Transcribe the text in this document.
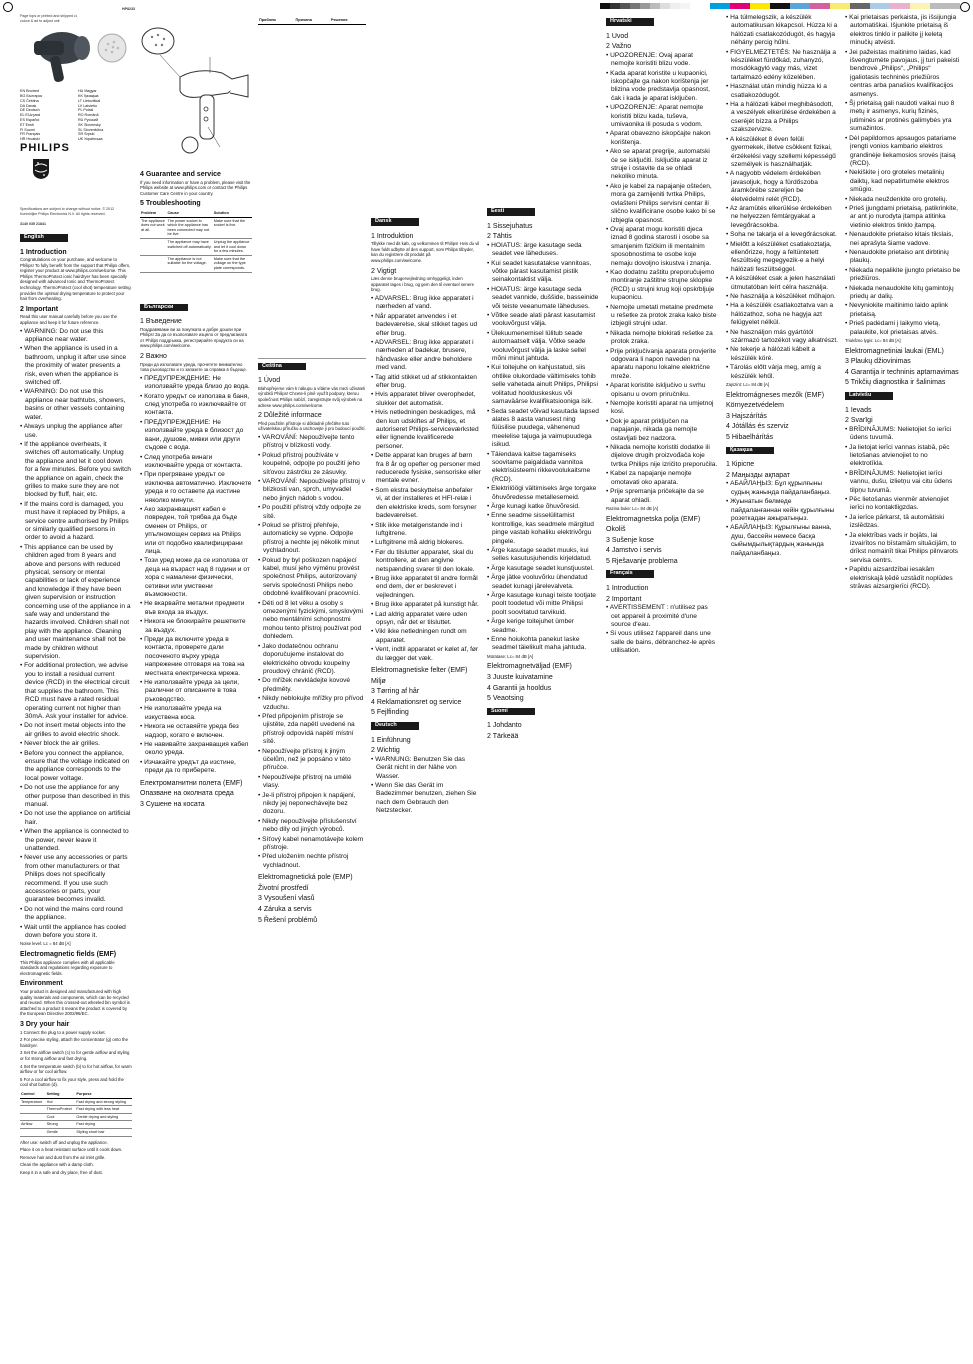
Page tops or printed and shipped ci.
colour & ad to adjust unit
EN Bnotred
BG Българск
CS Čeština
DA Dansk
DE Deutsch
EL Ελληνικά
ES Español
ET Eesti
FI Suomi
FR Français
HR Hrvatski
HU Magyar
KK Қазақша
LT Lietuviškai
LV Latviešu
PL Polski
RO Română
RU Русский
SK Slovensky
SL Slovenščina
SR Srpski
UK Українська
PHILIPS
Specifications are subject to change without notice. © 2012 Koninklijke Philips Electronics N.V. All rights reserved.
3140 035 21841
English
1 Introduction
Congratulations on your purchase, and welcome to Philips! To fully benefit from the support that Philips offers, register your product at www.philips.com/welcome. This Philips ThermoProtect ionic hairdryer has been specially designed with advanced Ionic and ThermoProtect technology. ThermoProtect (cool shot) temperature setting provides the optimal drying temperature to protect your hair from overheating.
2 Important
Read this user manual carefully before you use the appliance and keep it for future reference.
• WARNING: Do not use this appliance near water.
• When the appliance is used in a bathroom, unplug it after use since the proximity of water presents a risk, even when the appliance is switched off.
• WARNING: Do not use this appliance near bathtubs, showers, basins or other vessels containing water.
• Always unplug the appliance after use.
• If the appliance overheats, it switches off automatically. Unplug the appliance and let it cool down for a few minutes. Before you switch the appliance on again, check the grilles to make sure they are not blocked by fluff, hair, etc.
• If the mains cord is damaged, you must have it replaced by Philips, a service centre authorised by Philips or similarly qualified persons in order to avoid a hazard.
• This appliance can be used by children aged from 8 years and above and persons with reduced physical, sensory or mental capabilities or lack of experience and knowledge if they have been given supervision or instruction concerning use of the appliance in a safe way and understand the hazards involved. Children shall not play with the appliance. Cleaning and user maintenance shall not be made by children without supervision.
• For additional protection, we advise you to install a residual current device (RCD) in the electrical circuit that supplies the bathroom. This RCD must have a rated residual operating current not higher than 30mA. Ask your installer for advice.
• Do not insert metal objects into the air grilles to avoid electric shock.
• Never block the air grilles.
• Before you connect the appliance, ensure that the voltage indicated on the appliance corresponds to the local power voltage.
• Do not use the appliance for any other purpose than described in this manual.
• Do not use the appliance on artificial hair.
• When the appliance is connected to the power, never leave it unattended.
• Never use any accessories or parts from other manufacturers or that Philips does not specifically recommend. If you use such accessories or parts, your guarantee becomes invalid.
• Do not wind the mains cord round the appliance.
• Wait until the appliance has cooled down before you store it.
Noise level: Lc = 84 dB [A]
Electromagnetic fields (EMF)
This Philips appliance complies with all applicable standards and regulations regarding exposure to electromagnetic fields.
Environment
Your product is designed and manufactured with high quality materials and components, which can be recycled and reused. When this crossed-out wheeled bin symbol is attached to a product it means the product is covered by the European Directive 2002/96/EC.
3 Dry your hair
1 Connect the plug to a power supply socket.
2 For precise styling, attach the concentrator (g) onto the hairdryer.
3 Set the airflow switch (c) to for gentle airflow and styling or for strong airflow and fast drying.
4 Set the temperature switch (b) to for hot airflow, for warm airflow or for cool airflow.
5 For a cool airflow to fix your style, press and hold the cool shot button (d).
Control	Setting	Purpose
Temperature	Hot	Fast drying and strong styling
	ThermoProtect	Fast drying with less heat
	Cool	Gentle drying and styling
Airflow	Strong	Fast drying
	Gentle	Styling short hair
After use: switch off and unplug the appliance.
Place it on a heat resistant surface until it cools down.
Remove hair and dust from the air inlet grille.
Clean the appliance with a damp cloth.
Keep it in a safe and dry place, free of dust.
4 Guarantee and service
If you need information or have a problem, please visit the Philips website at www.philips.com or contact the Philips Customer Care Centre in your country.
5 Troubleshooting
Problem	Cause	Solution
The appliance does not work at all.	The power socket to which the appliance has been connected may not be live.	Make sure that the socket is live.
	The appliance may have switched off automatically.	Unplug the appliance and let it cool down for a few minutes.
	The appliance is not suitable for the voltage.	Make sure that the voltage on the type plate corresponds.
Български
1 Въведение
Поздравяваме ви за покупката и добре дошли при Philips! За да се възползвате изцяло от предлаганата от Philips поддръжка, регистрирайте продукта си на www.philips.com/welcome.
2 Важно
Преди да използвате уреда, прочетете внимателно това ръководство и го запазете за справка в бъдеще.
• ПРЕДУПРЕЖДЕНИЕ: Не използвайте уреда близо до вода.
• Когато уредът се използва в баня, след употреба го изключвайте от контакта.
• ПРЕДУПРЕЖДЕНИЕ: Не използвайте уреда в близост до вани, душове, мивки или други съдове с вода.
• След употреба винаги изключвайте уреда от контакта.
• При прегряване уредът се изключва автоматично. Изключете уреда и го оставете да изстине няколко минути.
• Ако захранващият кабел е повреден, той трябва да бъде сменен от Philips, от упълномощен сервиз на Philips или от подобно квалифицирани лица.
• Този уред може да се използва от деца на възраст над 8 години и от хора с намалени физически, сетивни или умствени възможности.
• Не вкарвайте метални предмети във входа за въздух.
• Никога не блокирайте решетките за въздух.
• Преди да включите уреда в контакта, проверете дали посоченото върху уреда напрежение отговаря на това на местната електрическа мрежа.
• Не използвайте уреда за цели, различни от описаните в това ръководство.
• Не използвайте уреда на изкуствена коса.
• Никога не оставяйте уреда без надзор, когато е включен.
• Не навивайте захранващия кабел около уреда.
• Изчакайте уредът да изстине, преди да го приберете.
Електромагнитни полета (EMF)
Опазване на околната среда
3 Сушене на косата
Проблем	Причина	Решение
Čeština
1 Úvod
Blahopřejeme vám k nákupu a vítáme vás mezi uživateli výrobků Philips! Chcete-li plně využít podpory, kterou společnost Philips nabízí, zaregistrujte svůj výrobek na adrese www.philips.com/welcome.
2 Důležité informace
Před použitím přístroje si důkladně přečtěte tuto uživatelskou příručku a uschovejte ji pro budoucí použití.
• VAROVÁNÍ: Nepoužívejte tento přístroj v blízkosti vody.
• Pokud přístroj používáte v koupelně, odpojte po použití jeho síťovou zástrčku ze zásuvky.
• VAROVÁNÍ: Nepoužívejte přístroj v blízkosti van, sprch, umyvadel nebo jiných nádob s vodou.
• Po použití přístroj vždy odpojte ze sítě.
• Pokud se přístroj přehřeje, automaticky se vypne. Odpojte přístroj a nechte jej několik minut vychladnout.
• Pokud by byl poškozen napájecí kabel, musí jeho výměnu provést společnost Philips, autorizovaný servis společnosti Philips nebo obdobně kvalifikovaní pracovníci.
• Děti od 8 let věku a osoby s omezenými fyzickými, smyslovými nebo mentálními schopnostmi mohou tento přístroj používat pod dohledem.
• Jako dodatečnou ochranu doporučujeme instalovat do elektrického obvodu koupelny proudový chránič (RCD).
• Do mřížek nevkládejte kovové předměty.
• Nikdy neblokujte mřížky pro přívod vzduchu.
• Před připojením přístroje se ujistěte, zda napětí uvedené na přístroji odpovídá napětí místní sítě.
• Nepoužívejte přístroj k jiným účelům, než je popsáno v této příručce.
• Nepoužívejte přístroj na umělé vlasy.
• Je-li přístroj připojen k napájení, nikdy jej neponechávejte bez dozoru.
• Nikdy nepoužívejte příslušenství nebo díly od jiných výrobců.
• Síťový kabel nenamotávejte kolem přístroje.
• Před uložením nechte přístroj vychladnout.
Elektromagnetická pole (EMP)
Životní prostředí
3 Vysoušení vlasů
4 Záruka a servis
5 Řešení problémů
Dansk
1 Introduktion
Tillykke med dit køb, og velkommen til Philips! Hvis du vil have fuldt udbytte af den support, som Philips tilbyder, kan du registrere dit produkt på www.philips.com/welcome.
2 Vigtigt
Læs denne brugervejledning omhyggeligt, inden apparatet tages i brug, og gem den til eventuel senere brug.
• ADVARSEL: Brug ikke apparatet i nærheden af vand.
• Når apparatet anvendes i et badeværelse, skal stikket tages ud efter brug.
• ADVARSEL: Brug ikke apparatet i nærheden af badekar, brusere, håndvaske eller andre beholdere med vand.
• Tag altid stikket ud af stikkontakten efter brug.
• Hvis apparatet bliver overophedet, slukker det automatisk.
• Hvis netledningen beskadiges, må den kun udskiftes af Philips, et autoriseret Philips-serviceværksted eller lignende kvalificerede personer.
• Dette apparat kan bruges af børn fra 8 år og opefter og personer med reducerede fysiske, sensoriske eller mentale evner.
• Som ekstra beskyttelse anbefaler vi, at der installeres et HFI-relæ i den elektriske kreds, som forsyner badeværelset.
• Stik ikke metalgenstande ind i luftgitrene.
• Luftgitrene må aldrig blokeres.
• Før du tilslutter apparatet, skal du kontrollere, at den angivne netspænding svarer til den lokale.
• Brug ikke apparatet til andre formål end dem, der er beskrevet i vejledningen.
• Brug ikke apparatet på kunstigt hår.
• Lad aldrig apparatet være uden opsyn, når det er tilsluttet.
• Vikl ikke netledningen rundt om apparatet.
• Vent, indtil apparatet er kølet af, før du lægger det væk.
Elektromagnetiske felter (EMF)
Miljø
3 Tørring af hår
4 Reklamationsret og service
5 Fejlfinding
Deutsch
1 Einführung
2 Wichtig
• WARNUNG: Benutzen Sie das Gerät nicht in der Nähe von Wasser.
• Wenn Sie das Gerät im Badezimmer benutzen, ziehen Sie nach dem Gebrauch den Netzstecker.
Eesti
1 Sissejuhatus
2 Tähtis
• HOIATUS: ärge kasutage seda seadet vee läheduses.
• Kui seadet kasutatakse vannitoas, võtke pärast kasutamist pistik seinakontaktist välja.
• HOIATUS: ärge kasutage seda seadet vannide, duššide, basseinide või teiste veeanumate läheduses.
• Võtke seade alati pärast kasutamist vooluvõrgust välja.
• Ülekuumenemisel lülitub seade automaatselt välja. Võtke seade vooluvõrgust välja ja laske sellel mõni minut jahtuda.
• Kui toitejuhe on kahjustatud, siis ohtlike olukordade vältimiseks tohib selle vahetada ainult Philips, Philipsi volitatud hoolduskeskus või samaväärse kvalifikatsiooniga isik.
• Seda seadet võivad kasutada lapsed alates 8 aasta vanusest ning füüsilise puudega, vähenenud meelelise tajuga ja vaimupuudega isikud.
• Täiendava kaitse tagamiseks soovitame paigaldada vannitoa elektrisüsteemi rikkevoolukaitsme (RCD).
• Elektrilöögi vältimiseks ärge torgake õhuvõredesse metallesemeid.
• Ärge kunagi katke õhuvõresid.
• Enne seadme sisselülitamist kontrollige, kas seadmele märgitud pinge vastab kohaliku elektrivõrgu pingele.
• Ärge kasutage seadet muuks, kui selles kasutusjuhendis kirjeldatud.
• Ärge kasutage seadet kunstjuustel.
• Ärge jätke vooluvõrku ühendatud seadet kunagi järelevalveta.
• Ärge kasutage kunagi teiste tootjate poolt toodetud või mitte Philipsi poolt soovitatud tarvikuid.
• Ärge kerige toitejuhet ümber seadme.
• Enne hoiukohta panekut laske seadmel täielikult maha jahtuda.
Müratase: Lc= 84 dB [A]
Elektromagnetväljad (EMF)
3 Juuste kuivatamine
4 Garantii ja hooldus
5 Veaotsing
Suomi
1 Johdanto
2 Tärkeää
Hrvatski
1 Uvod
2 Važno
• UPOZORENJE: Ovaj aparat nemojte koristiti blizu vode.
• Kada aparat koristite u kupaonici, iskopčajte ga nakon korištenja jer blizina vode predstavlja opasnost, čak i kada je aparat isključen.
• UPOZORENJE: Aparat nemojte koristiti blizu kada, tuševa, umivaonika ili posuda s vodom.
• Aparat obavezno iskopčajte nakon korištenja.
• Ako se aparat pregrije, automatski će se isključiti. Isključite aparat iz struje i ostavite da se ohladi nekoliko minuta.
• Ako je kabel za napajanje oštećen, mora ga zamijeniti tvrtka Philips, ovlašteni Philips servisni centar ili slično kvalificirane osobe kako bi se izbjegla opasnost.
• Ovaj aparat mogu koristiti djeca iznad 8 godina starosti i osobe sa smanjenim fizičkim ili mentalnim sposobnostima te osobe koje nemaju dovoljno iskustva i znanja.
• Kao dodatnu zaštitu preporučujemo montiranje zaštitne strujne sklopke (RCD) u strujni krug koji opskrbljuje kupaonicu.
• Nemojte umetati metalne predmete u rešetke za protok zraka kako biste izbjegli strujni udar.
• Nikada nemojte blokirati rešetke za protok zraka.
• Prije priključivanja aparata provjerite odgovara li napon naveden na aparatu naponu lokalne električne mreže.
• Aparat koristite isključivo u svrhu opisanu u ovom priručniku.
• Nemojte koristiti aparat na umjetnoj kosi.
• Dok je aparat priključen na napajanje, nikada ga nemojte ostavljati bez nadzora.
• Nikada nemojte koristiti dodatke ili dijelove drugih proizvođača koje tvrtka Philips nije izričito preporučila.
• Kabel za napajanje nemojte omotavati oko aparata.
• Prije spremanja pričekajte da se aparat ohladi.
Razina buke: Lc= 84 dB [A]
Elektromagnetska polja (EMF)
Okoliš
3 Sušenje kose
4 Jamstvo i servis
5 Rješavanje problema
Français
1 Introduction
2 Important
• AVERTISSEMENT : n'utilisez pas cet appareil à proximité d'une source d'eau.
• Si vous utilisez l'appareil dans une salle de bains, débranchez-le après utilisation.
• Ha túlmelegszik, a készülék automatikusan kikapcsol. Húzza ki a hálózati csatlakozódugót, és hagyja néhány percig hűlni.
• FIGYELMEZTETÉS: Ne használja a készüléket fürdőkád, zuhanyzó, mosdókagyló vagy más, vizet tartalmazó edény közelében.
• Használat után mindig húzza ki a csatlakozódugót.
• Ha a hálózati kábel meghibásodott, a veszélyek elkerülése érdekében a cseréjét bízza a Philips szakszervizre.
• A készüléket 8 éven felüli gyermekek, illetve csökkent fizikai, érzékelési vagy szellemi képességű személyek is használhatják.
• A nagyobb védelem érdekében javasoljuk, hogy a fürdőszoba áramkörébe szereljen be életvédelmi relét (RCD).
• Az áramütés elkerülése érdekében ne helyezzen fémtárgyakat a levegőrácsokba.
• Soha ne takarja el a levegőrácsokat.
• Mielőtt a készüléket csatlakoztatja, ellenőrizze, hogy a feltüntetett feszültség megegyezik-e a helyi hálózati feszültséggel.
• A készüléket csak a jelen használati útmutatóban leírt célra használja.
• Ne használja a készüléket műhajon.
• Ha a készülék csatlakoztatva van a hálózathoz, soha ne hagyja azt felügyelet nélkül.
• Ne használjon más gyártótól származó tartozékot vagy alkatrészt.
• Ne tekerje a hálózati kábelt a készülék köré.
• Tárolás előtt várja meg, amíg a készülék lehűl.
Zajszint: Lc= 84 dB [A]
Elektromágneses mezők (EMF)
Környezetvédelem
3 Hajszárítás
4 Jótállás és szerviz
5 Hibaelhárítás
Қазақша
1 Кіріспе
2 Маңызды ақпарат
• АБАЙЛАҢЫЗ: Бұл құрылғыны судың жанында пайдаланбаңыз.
• Жуынатын бөлмеде пайдаланғаннан кейін құрылғыны розеткадан ажыратыңыз.
• АБАЙЛАҢЫЗ: Құрылғыны ванна, душ, бассейн немесе басқа сыйымдылықтардың жанында пайдаланбаңыз.
• Kai prietaisas perkaista, jis išsijungia automatiškai. Išjunkite prietaisą iš elektros tinklo ir palikite jį keletą minučių atvėsti.
• Jei pažeistas maitinimo laidas, kad išvengtumėte pavojaus, jį turi pakeisti bendrovė „Philips“, „Philips“ įgaliotasis techninės priežiūros centras arba panašios kvalifikacijos asmenys.
• Šį prietaisą gali naudoti vaikai nuo 8 metų ir asmenys, kurių fizinės, jutiminės ar protinės galimybės yra sumažintos.
• Dėl papildomos apsaugos patariame įrengti vonios kambario elektros grandinėje liekamosios srovės įtaisą (RCD).
• Nekiškite į oro groteles metalinių daiktų, kad nepatirtumėte elektros smūgio.
• Niekada neuždenkite oro grotelių.
• Prieš įjungdami prietaisą, patikrinkite, ar ant jo nurodyta įtampa atitinka vietinio elektros tinklo įtampą.
• Nenaudokite prietaiso kitais tikslais, nei aprašyta šiame vadove.
• Nenaudokite prietaiso ant dirbtinių plaukų.
• Niekada nepalikite įjungto prietaiso be priežiūros.
• Niekada nenaudokite kitų gamintojų priedų ar dalių.
• Nevyniokite maitinimo laido aplink prietaisą.
• Prieš padėdami į laikymo vietą, palaukite, kol prietaisas atvės.
Triukšmo lygis: Lc= 84 dB [A]
Elektromagnetiniai laukai (EML)
3 Plaukų džiovinimas
4 Garantija ir techninis aptarnavimas
5 Trikčių diagnostika ir šalinimas
Latviešu
1 Ievads
2 Svarīgi
• BRĪDINĀJUMS: Nelietojiet šo ierīci ūdens tuvumā.
• Ja lietojat ierīci vannas istabā, pēc lietošanas atvienojiet to no elektrotīkla.
• BRĪDINĀJUMS: Nelietojiet ierīci vannu, dušu, izlietņu vai citu ūdens tilpņu tuvumā.
• Pēc lietošanas vienmēr atvienojiet ierīci no kontaktligzdas.
• Ja ierīce pārkarst, tā automātiski izslēdzas.
• Ja elektrības vads ir bojāts, lai izvairītos no bīstamām situācijām, to drīkst nomainīt tikai Philips pilnvarots servisa centrs.
• Papildu aizsardzībai iesakām elektriskajā ķēdē uzstādīt noplūdes strāvas aizsargierīci (RCD).
HP8233
